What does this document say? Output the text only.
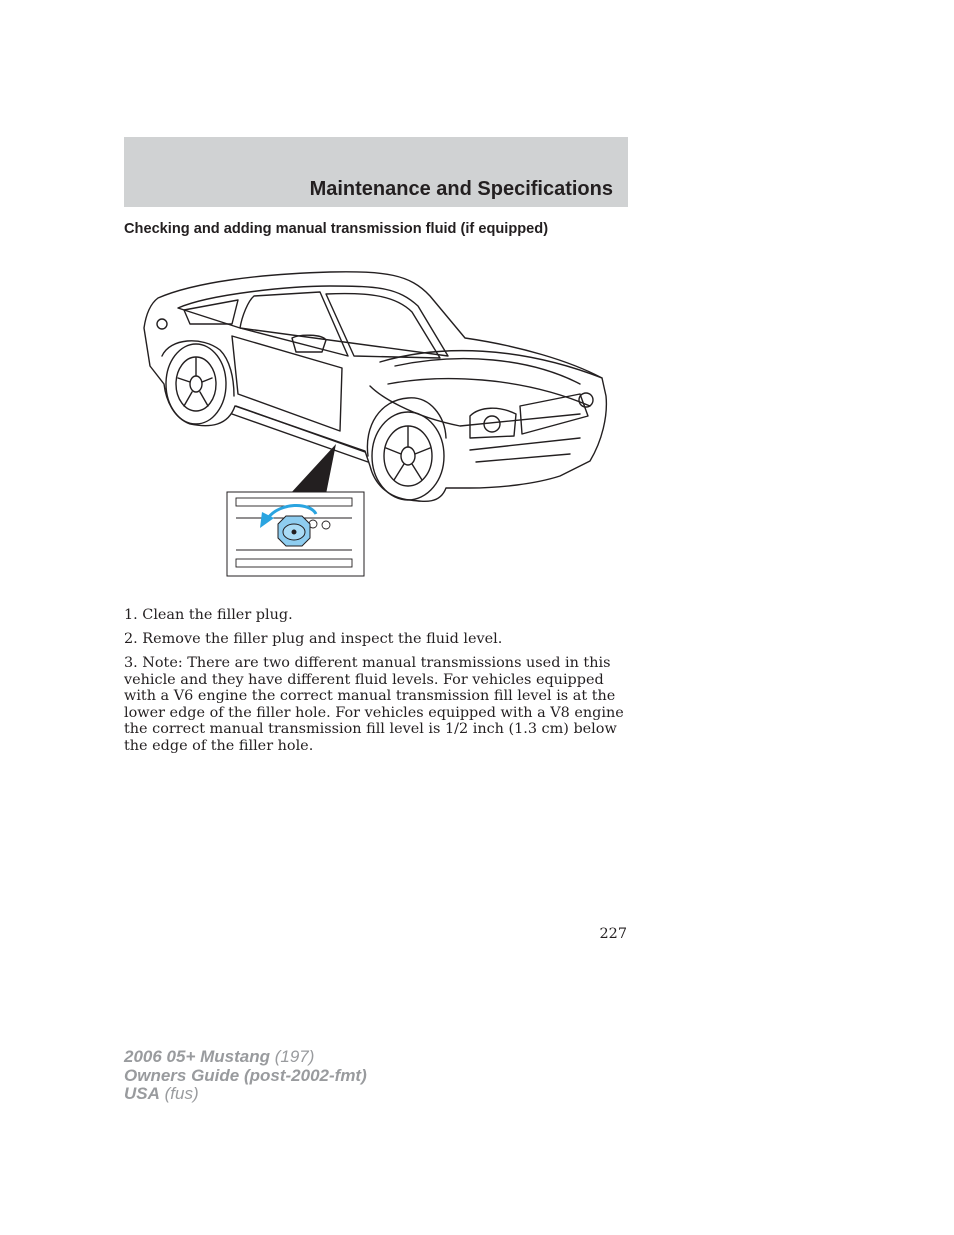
Maintenance and Specifications
Checking and adding manual transmission fluid (if equipped)
1. Clean the filler plug.
2. Remove the filler plug and inspect the fluid level.
3. Note: There are two different manual transmissions used in this vehicle and they have different fluid levels. For vehicles equipped with a V6 engine the correct manual transmission fill level is at the lower edge of the filler hole. For vehicles equipped with a V8 engine the correct manual transmission fill level is 1/2 inch (1.3 cm) below the edge of the filler hole.
227
2006 05+ Mustang (197)
Owners Guide (post-2002-fmt)
USA (fus)
